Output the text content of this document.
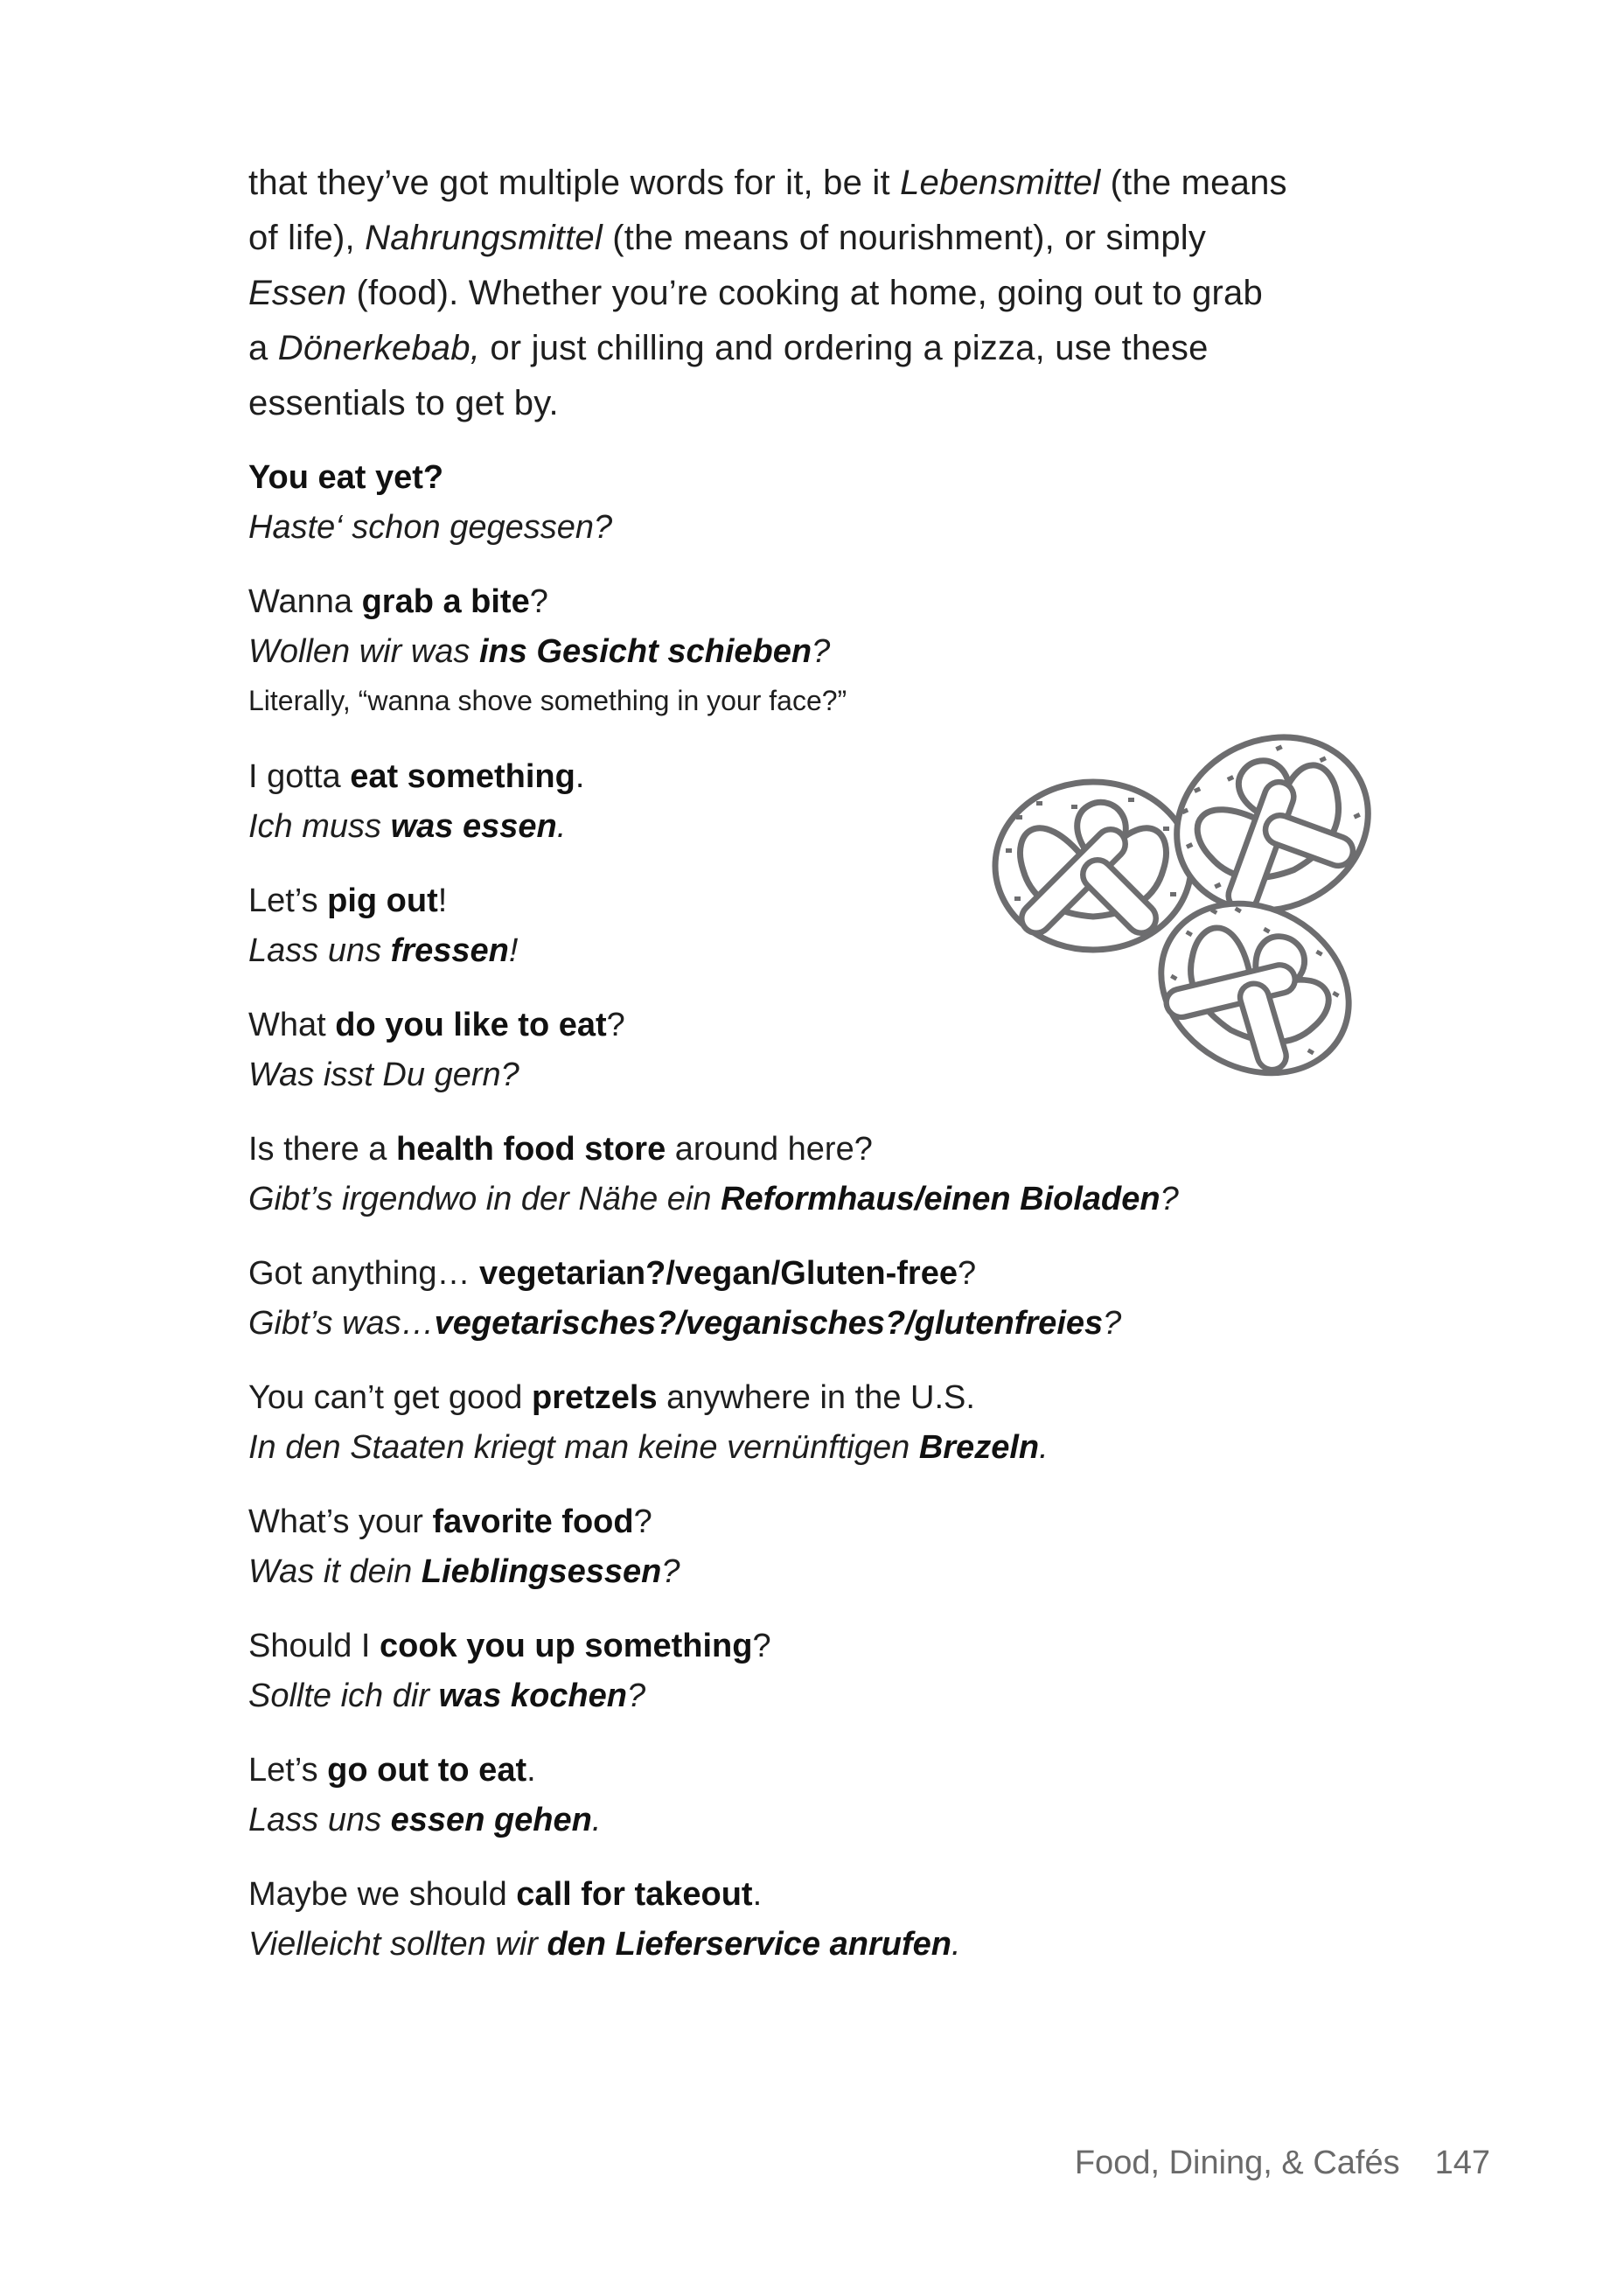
that they’ve got multiple words for it, be it Lebensmittel (the means
of life), Nahrungsmittel (the means of nourishment), or simply
Essen (food). Whether you’re cooking at home, going out to grab
a Dönerkebab, or just chilling and ordering a pizza, use these
essentials to get by.
You eat yet?
Haste‘ schon gegessen?
Wanna grab a bite?
Wollen wir was ins Gesicht schieben?
Literally, “wanna shove something in your face?”
I gotta eat something.
Ich muss was essen.
Let’s pig out!
Lass uns fressen!
What do you like to eat?
Was isst Du gern?
Is there a health food store around here?
Gibt’s irgendwo in der Nähe ein Reformhaus/einen Bioladen?
Got anything… vegetarian?/vegan/Gluten-free?
Gibt’s was…vegetarisches?/veganisches?/glutenfreies?
You can’t get good pretzels anywhere in the U.S.
In den Staaten kriegt man keine vernünftigen Brezeln.
What’s your favorite food?
Was it dein Lieblingsessen?
Should I cook you up something?
Sollte ich dir was kochen?
Let’s go out to eat.
Lass uns essen gehen.
Maybe we should call for takeout.
Vielleicht sollten wir den Lieferservice anrufen.
Food, Dining, & Cafés 147
